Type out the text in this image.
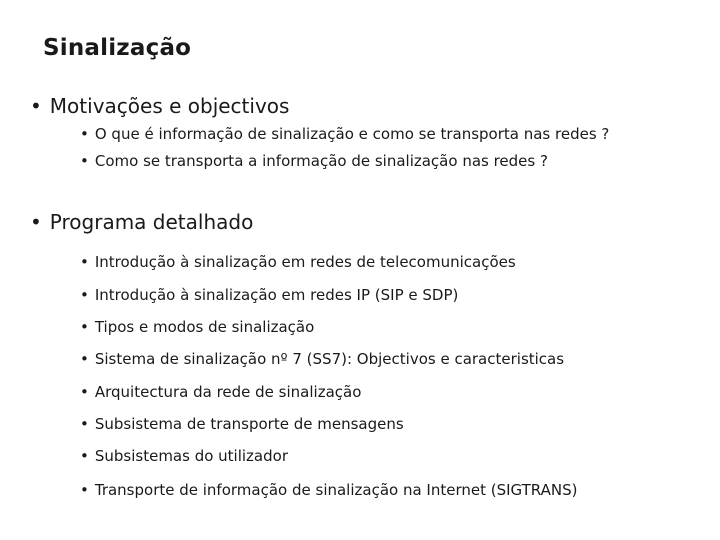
Sinalização
• Motivações e objectivos
• O que é informação de sinalização e como se transporta nas redes ?
• Como se transporta a informação de sinalização nas redes ?
• Programa detalhado
• Introdução à sinalização em redes de telecomunicações
• Introdução à sinalização em redes IP (SIP e SDP)
• Tipos e modos de sinalização
• Sistema de sinalização nº 7 (SS7): Objectivos e caracteristicas
• Arquitectura da rede de sinalização
• Subsistema de transporte de mensagens
• Subsistemas do utilizador
• Transporte de informação de sinalização na Internet (SIGTRANS)
